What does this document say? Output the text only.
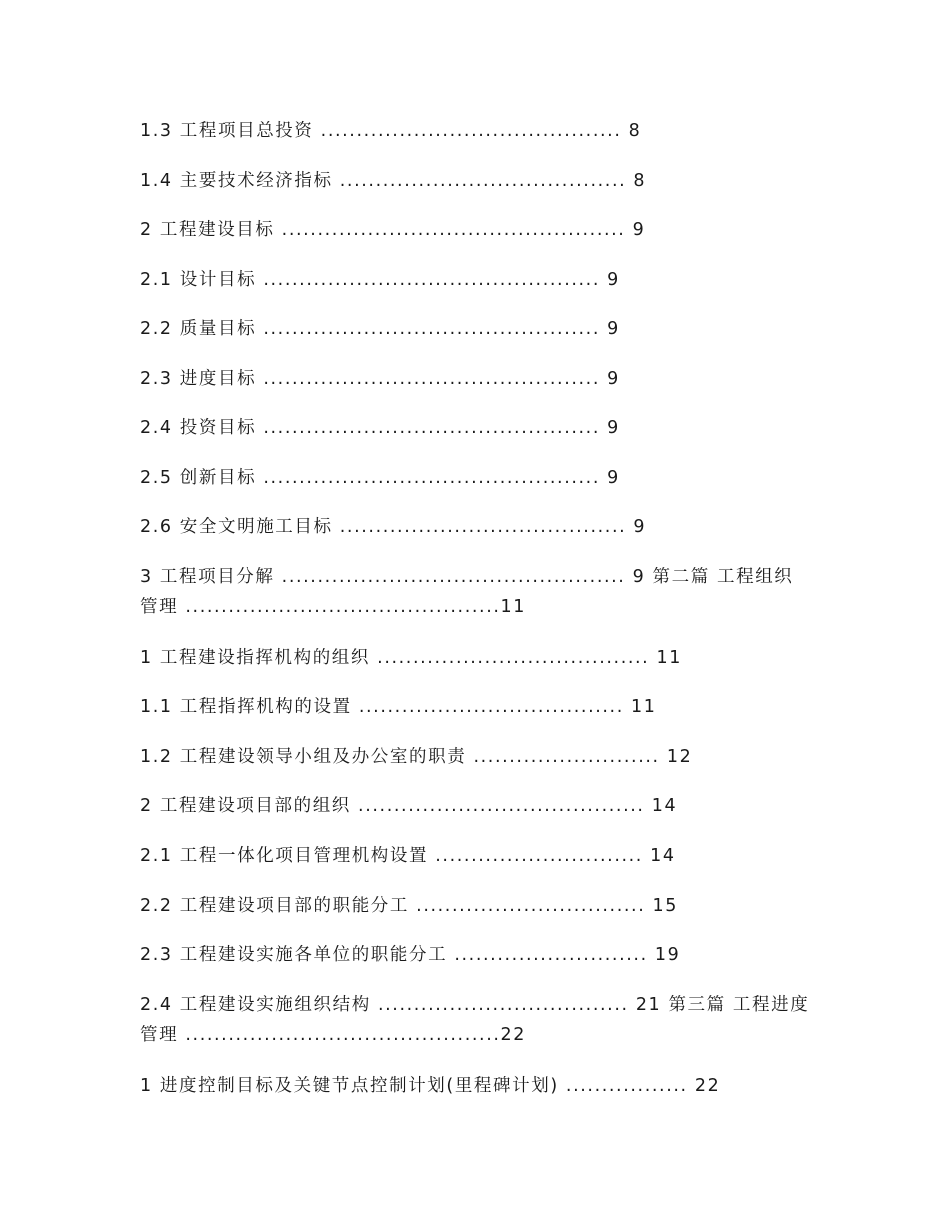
1.3 工程项目总投资 .......................................... 8
1.4 主要技术经济指标 ........................................ 8
2 工程建设目标 ................................................ 9
2.1 设计目标 ............................................... 9
2.2 质量目标 ............................................... 9
2.3 进度目标 ............................................... 9
2.4 投资目标 ............................................... 9
2.5 创新目标 ............................................... 9
2.6 安全文明施工目标 ........................................ 9
3 工程项目分解 ................................................ 9 第二篇 工程组织管理 ............................................11
1 工程建设指挥机构的组织 ...................................... 11
1.1 工程指挥机构的设置 ..................................... 11
1.2 工程建设领导小组及办公室的职责 .......................... 12
2 工程建设项目部的组织 ........................................ 14
2.1 工程一体化项目管理机构设置 ............................. 14
2.2 工程建设项目部的职能分工 ................................ 15
2.3 工程建设实施各单位的职能分工 ........................... 19
2.4 工程建设实施组织结构 ................................... 21 第三篇 工程进度管理 ............................................22
1 进度控制目标及关键节点控制计划(里程碑计划) ................. 22
